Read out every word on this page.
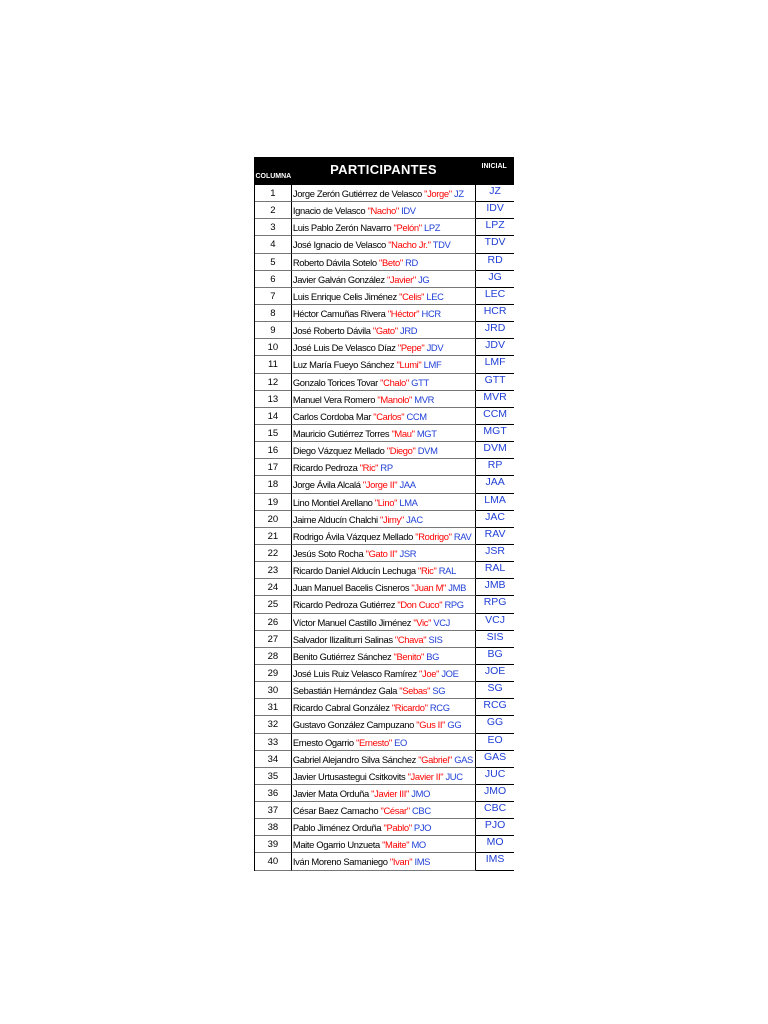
COLUMNA	PARTICIPANTES	INICIAL
1	Jorge Zerón Gutiérrez de Velasco "Jorge" JZ	JZ
2	Ignacio de Velasco "Nacho" IDV	IDV
3	Luis Pablo Zerón Navarro "Pelón" LPZ	LPZ
4	José Ignacio de Velasco "Nacho Jr." TDV	TDV
5	Roberto Dávila Sotelo "Beto" RD	RD
6	Javier Galván González "Javier" JG	JG
7	Luis Enrique Celis Jiménez "Celis" LEC	LEC
8	Héctor Camuñas Rivera "Héctor" HCR	HCR
9	José Roberto Dávila "Gato" JRD	JRD
10	José Luis De Velasco Díaz "Pepe" JDV	JDV
11	Luz María Fueyo Sánchez "Lumi" LMF	LMF
12	Gonzalo Torices Tovar "Chalo" GTT	GTT
13	Manuel Vera Romero "Manolo" MVR	MVR
14	Carlos Cordoba Mar "Carlos" CCM	CCM
15	Mauricio Gutiérrez Torres "Mau" MGT	MGT
16	Diego Vázquez Mellado "Diego" DVM	DVM
17	Ricardo Pedroza "Ric" RP	RP
18	Jorge Ávila Alcalá "Jorge II" JAA	JAA
19	Lino Montiel Arellano "Lino" LMA	LMA
20	Jaime Alducín Chalchi "Jimy" JAC	JAC
21	Rodrigo Ávila Vázquez Mellado "Rodrigo" RAV	RAV
22	Jesús Soto Rocha "Gato II" JSR	JSR
23	Ricardo Daniel Alducín Lechuga "Ric" RAL	RAL
24	Juan Manuel Bacelis Cisneros "Juan M" JMB	JMB
25	Ricardo Pedroza Gutiérrez "Don Cuco" RPG	RPG
26	Víctor Manuel Castillo Jiménez "Vic" VCJ	VCJ
27	Salvador Ilizaliturri Salinas "Chava" SIS	SIS
28	Benito Gutiérrez Sánchez "Benito" BG	BG
29	José Luis Ruiz Velasco Ramírez "Joe" JOE	JOE
30	Sebastián Hernández Gala "Sebas" SG	SG
31	Ricardo Cabral González "Ricardo" RCG	RCG
32	Gustavo González Campuzano "Gus II" GG	GG
33	Ernesto Ogarrio "Ernesto" EO	EO
34	Gabriel Alejandro Silva Sánchez "Gabriel" GAS	GAS
35	Javier Urtusastegui Csitkovits "Javier II" JUC	JUC
36	Javier Mata Orduña "Javier III" JMO	JMO
37	César Baez Camacho "César" CBC	CBC
38	Pablo Jiménez Orduña "Pablo" PJO	PJO
39	Maite Ogarrio Unzueta "Maite" MO	MO
40	Iván Moreno Samaniego "Ivan" IMS	IMS
